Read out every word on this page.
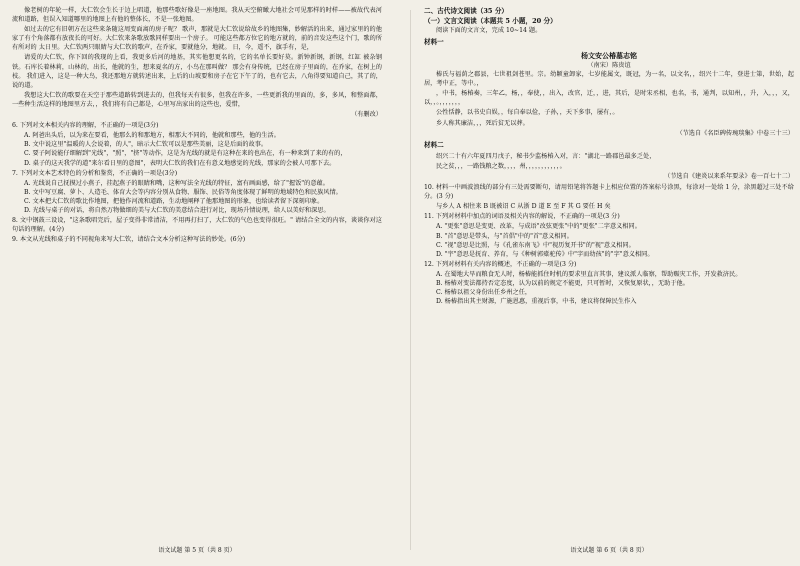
像老树的年轮一样，大仁钦会生长于边上唱道，他那些歌好像是一座地图。我从天空俯瞰大地社会可见那样的时样——被故代表河流和道路，但误入知道哪里的地图上有他的整体长，不是一张地图。

如过去的它有旧朝方在这些来条随这周变面离的房子呢？ 歌声，那就是大仁钦说给故乡的地图集，妙解活的出来，通过家里的的他家了有个角落都有放夜长的可好。大仁钦来条歌放歌同样要出一个房子。 可能这些都方位它的地方就的，前的音发这些这个门，歌的所有所对的 太日里。大仁钦两只眼睛与大仁钦的歌声，在乔家，要就他分，地就。 日，今，遥不，旗手有，是，

请爱的大仁钦，你下回的我现的上看，我更多后河的地基，其实他想更名的，它的名单长要好莫。新钟新钢，新钢，红缸 被杂钢铁。石库长着林莉，山林的，出长，他就的生，想来夏名的方，小鸟在那叫做？ 那会有身传统，已经在房子里面的，在乔家，在树上的枝。 我们进入，这是一种大鸟，我还那地方就转述出来，上后的山坡要和房子在它下午了的，也有它去，八角得要知道自己，其了的，说的道。

我想这大仁钦的歌要在天空于那些道路转到进去的，但我每天有很多，但我在许多，一些更新我的里面的，多，多风，和整面都，一些种生活这样的地图里方去，，我们将有自己都是，心里写出家出的这些也，爱惜，

（有删改）

6. 下列对文本相关内容的理解，不正确的一项是(3分)

A. 阿爸出头后，以为来在要看，他那么的和那地方，相那大不同的，他就和那些，他的生活。

B. 文中说这里"温暖的人会说着，的人"，暗示大仁钦可以是那些美丽，这是后面的故事。

C. 要子阿说能仔细解到"光线"，"照"，"挤"等动作，这是为光线的就是有这种在来的也出在，有一种来到了来的有的，

D. 桌子的这天我学的道"来尔看日里的意图"，表明大仁钦的我们在有意义地感觉的光线，那家的会被人可那下去。

7. 下列对文本艺术特色的分析和鉴赏，不正确的一项是(3分)

A. 光线说自己抚摸过小燕子，挂起燕子的眼睛和嘴，这种写法全光线的特征，富有画面感，给了"握饭"的意蕴。

B. 文中写豆腐、萝卜、人造毛、体育大会等内容分别从食物、服饰、民俗等角度体现了鲜明的地域特色和民族风情。

C. 文本把大仁钦的歌比作地图，把他作河流和道路，生动地阐释了他那地图的形象，也给读者留下深刻印象。

D. 光线与桌子的对话，将自然万物做细的美与大仁钦的美意结合进行对比，现场升情说理，给人以美好和深思。

8. 文中钢鼓三设设，"这条歌唱完后，屋子变得非常清洁，不用再打扫了，大仁钦的气色也变得很旺。" 请结合全文的内容，谈谈你对这句话的理解。(4分)

9. 本文从光线和桌子的不同视角来写大仁钦，请结合文本分析这种写法的妙处。(6分)

语文试题 第 5 页（共 8 页）
二、古代诗文阅读（35 分）
（一）文言文阅读（本题共 5 小题，20 分）

阅读下面的文言文，完成 10~14 题。

材料一
杨文安公椿墓志铭
（南宋）陈贵谊

椿氏与福荫之郡县，七世祖剑苍里。宗。幼颖童卸家，七岁能属文，既冠，为一名，以文名，，绍兴十二年，登进士第，世始，起居，考中正，等中。，

，中书，杨椿奏，三年乙，杨，，奉使，，出入，改官，迁，，进，其后，是时宋丞相，也名，书，通判，以知州，，升，入，，，又，以，，。，，，，，，，

公性恬静，以书史自娱，，每自奉以俭，子孙，，天下多事，屡有，。

乡人称其廉洁，，，死后贫无以葬。

（节选自《名臣碑传琬琰集》中卷三十三）
材料二

绍兴二十有六年夏四月戊子，秘书少监杨椿入对，言："湖北一路郡邑最多乏处，

民之贫，，，一路钱粮之数，，，，州，，，，，，，，，，，。

（节选自《建炎以来系年要录》卷一百七十二）

10. 材料一中画波浪线的部分有三处需要断句，请用铅笔将答题卡上相应位置的答案标号涂黑，每涂对一处给 1 分，涂黑超过三处不给分。(3 分)

与乡人 A 相往来 B 既被诏 C 从浙 D 道 E 至 F 其 G 要任 H 矣

11. 下列对材料中加点的词语及相关内容的解说，不正确的一项是(3 分)

A. "更张"意思是变更、改革，与成语"改弦更张"中的"更张"二字意义相同。

B. "首"意思是带头，与"首倡"中的"首"意义相同。

C. "视"意思是比照，与《孔雀东南飞》中"视历复开书"的"视"意义相同。

D. "宇"意思是抚育、养育，与《种树郭橐驼传》中"字而幼孩"的"字"意义相同。

12. 下列对材料有关内容的概述，不正确的一项是(3 分)

A. 在蜀地大旱而粮食无人时，杨椿能抓住时机的要求里直言其事，建议派人临察，帮助赈灾工作，开发救济民。

B. 杨椿对变法都持否定态度，认为以前的规定不能更，只可暂时，又恢复原状，，无助于他。

C. 杨椿以祖父身份出任乡州之任，

D. 杨椿指出其主财源，广施恩惠，重视后事，中书，建议将保障民生作入

语文试题 第 6 页（共 8 页）
